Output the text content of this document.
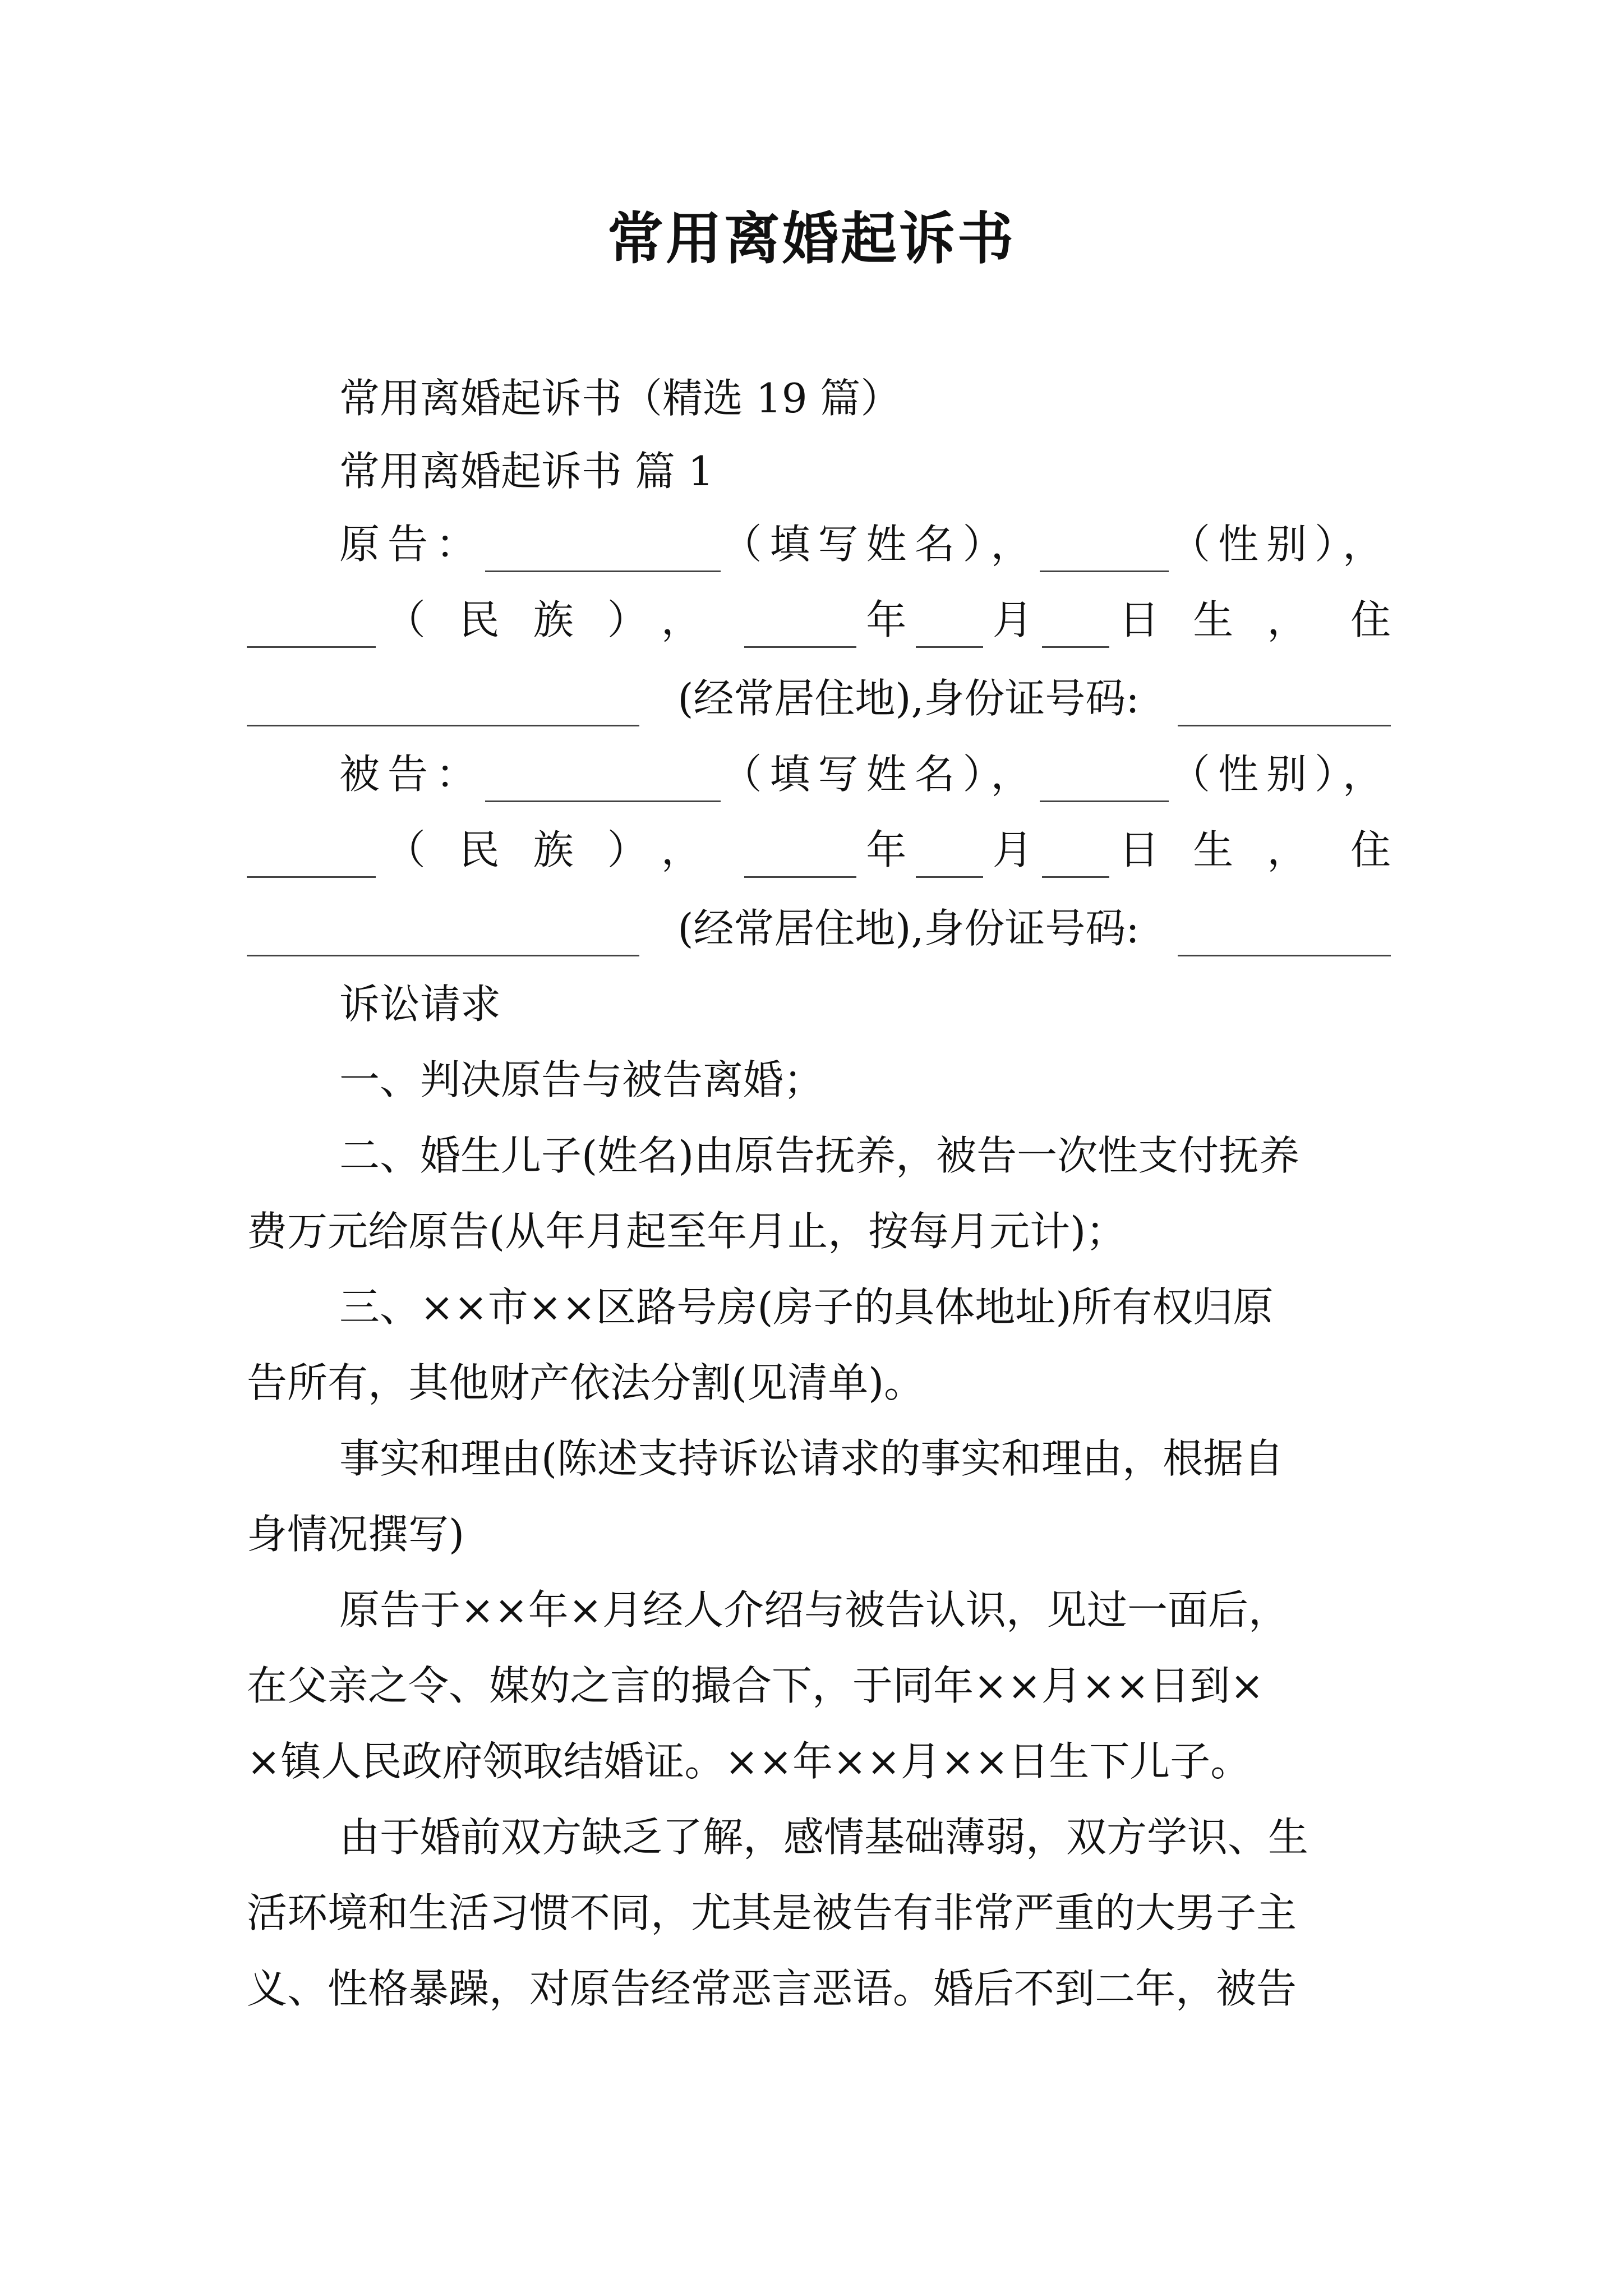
常用离婚起诉书
常用离婚起诉书（精选 19 篇）
常用离婚起诉书 篇 1
原告：	（填写姓名），	（性别），
（民族），	年 月 日生， 住
(经常居住地),身份证号码:
被告：	（填写姓名），	（性别），
（民族），	年 月 日生， 住
(经常居住地),身份证号码:
诉讼请求
一、判决原告与被告离婚；
二、婚生儿子(姓名)由原告抚养，被告一次性支付抚养
费万元给原告(从年月起至年月止，按每月元计)；
三、××市××区路号房(房子的具体地址)所有权归原
告所有，其他财产依法分割(见清单)。
事实和理由(陈述支持诉讼请求的事实和理由，根据自
身情况撰写)
原告于××年×月经人介绍与被告认识，见过一面后，
在父亲之令、媒妁之言的撮合下，于同年××月××日到×
×镇人民政府领取结婚证。××年××月××日生下儿子。
由于婚前双方缺乏了解，感情基础薄弱，双方学识、生
活环境和生活习惯不同，尤其是被告有非常严重的大男子主
义、性格暴躁，对原告经常恶言恶语。婚后不到二年，被告
